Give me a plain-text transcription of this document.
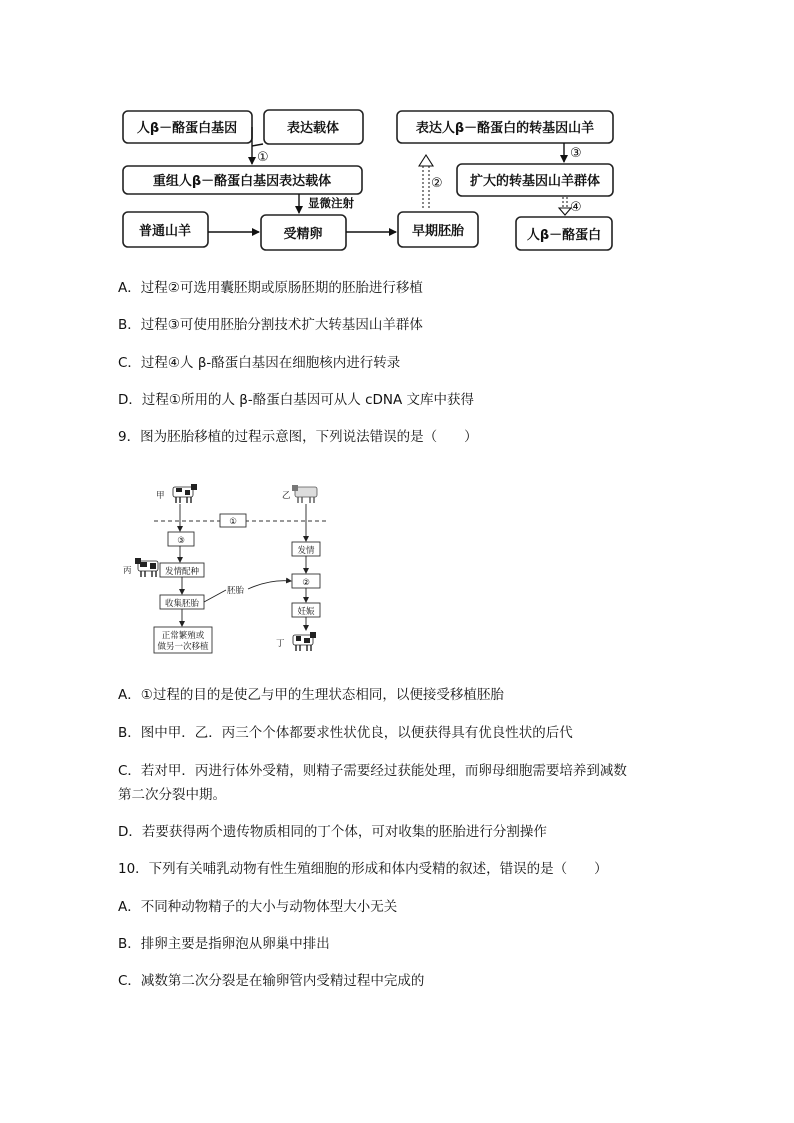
人β－酪蛋白基因	表达载体
重组人β－酪蛋白基因表达载体
普通山羊	受精卵	早期胚胎
表达人β－酪蛋白的转基因山羊
扩大的转基因山羊群体
人β－酪蛋白
①
显微注射
②
③
④
A．过程②可选用囊胚期或原肠胚期的胚胎进行移植
B．过程③可使用胚胎分割技术扩大转基因山羊群体
C．过程④人 β-酪蛋白基因在细胞核内进行转录
D．过程①所用的人 β-酪蛋白基因可从人 cDNA 文库中获得
9．图为胚胎移植的过程示意图，下列说法错误的是（　　）
甲	乙
①
③
发情配种
丙
收集胚胎
正常繁殖或
做另一次移植
发情
②
妊娠
丁
胚胎
A．①过程的目的是使乙与甲的生理状态相同，以便接受移植胚胎
B．图中甲．乙．丙三个个体都要求性状优良，以便获得具有优良性状的后代
C．若对甲．丙进行体外受精，则精子需要经过获能处理，而卵母细胞需要培养到减数
第二次分裂中期。
D．若要获得两个遗传物质相同的丁个体，可对收集的胚胎进行分割操作
10．下列有关哺乳动物有性生殖细胞的形成和体内受精的叙述，错误的是（　　）
A．不同种动物精子的大小与动物体型大小无关
B．排卵主要是指卵泡从卵巢中排出
C．减数第二次分裂是在输卵管内受精过程中完成的
